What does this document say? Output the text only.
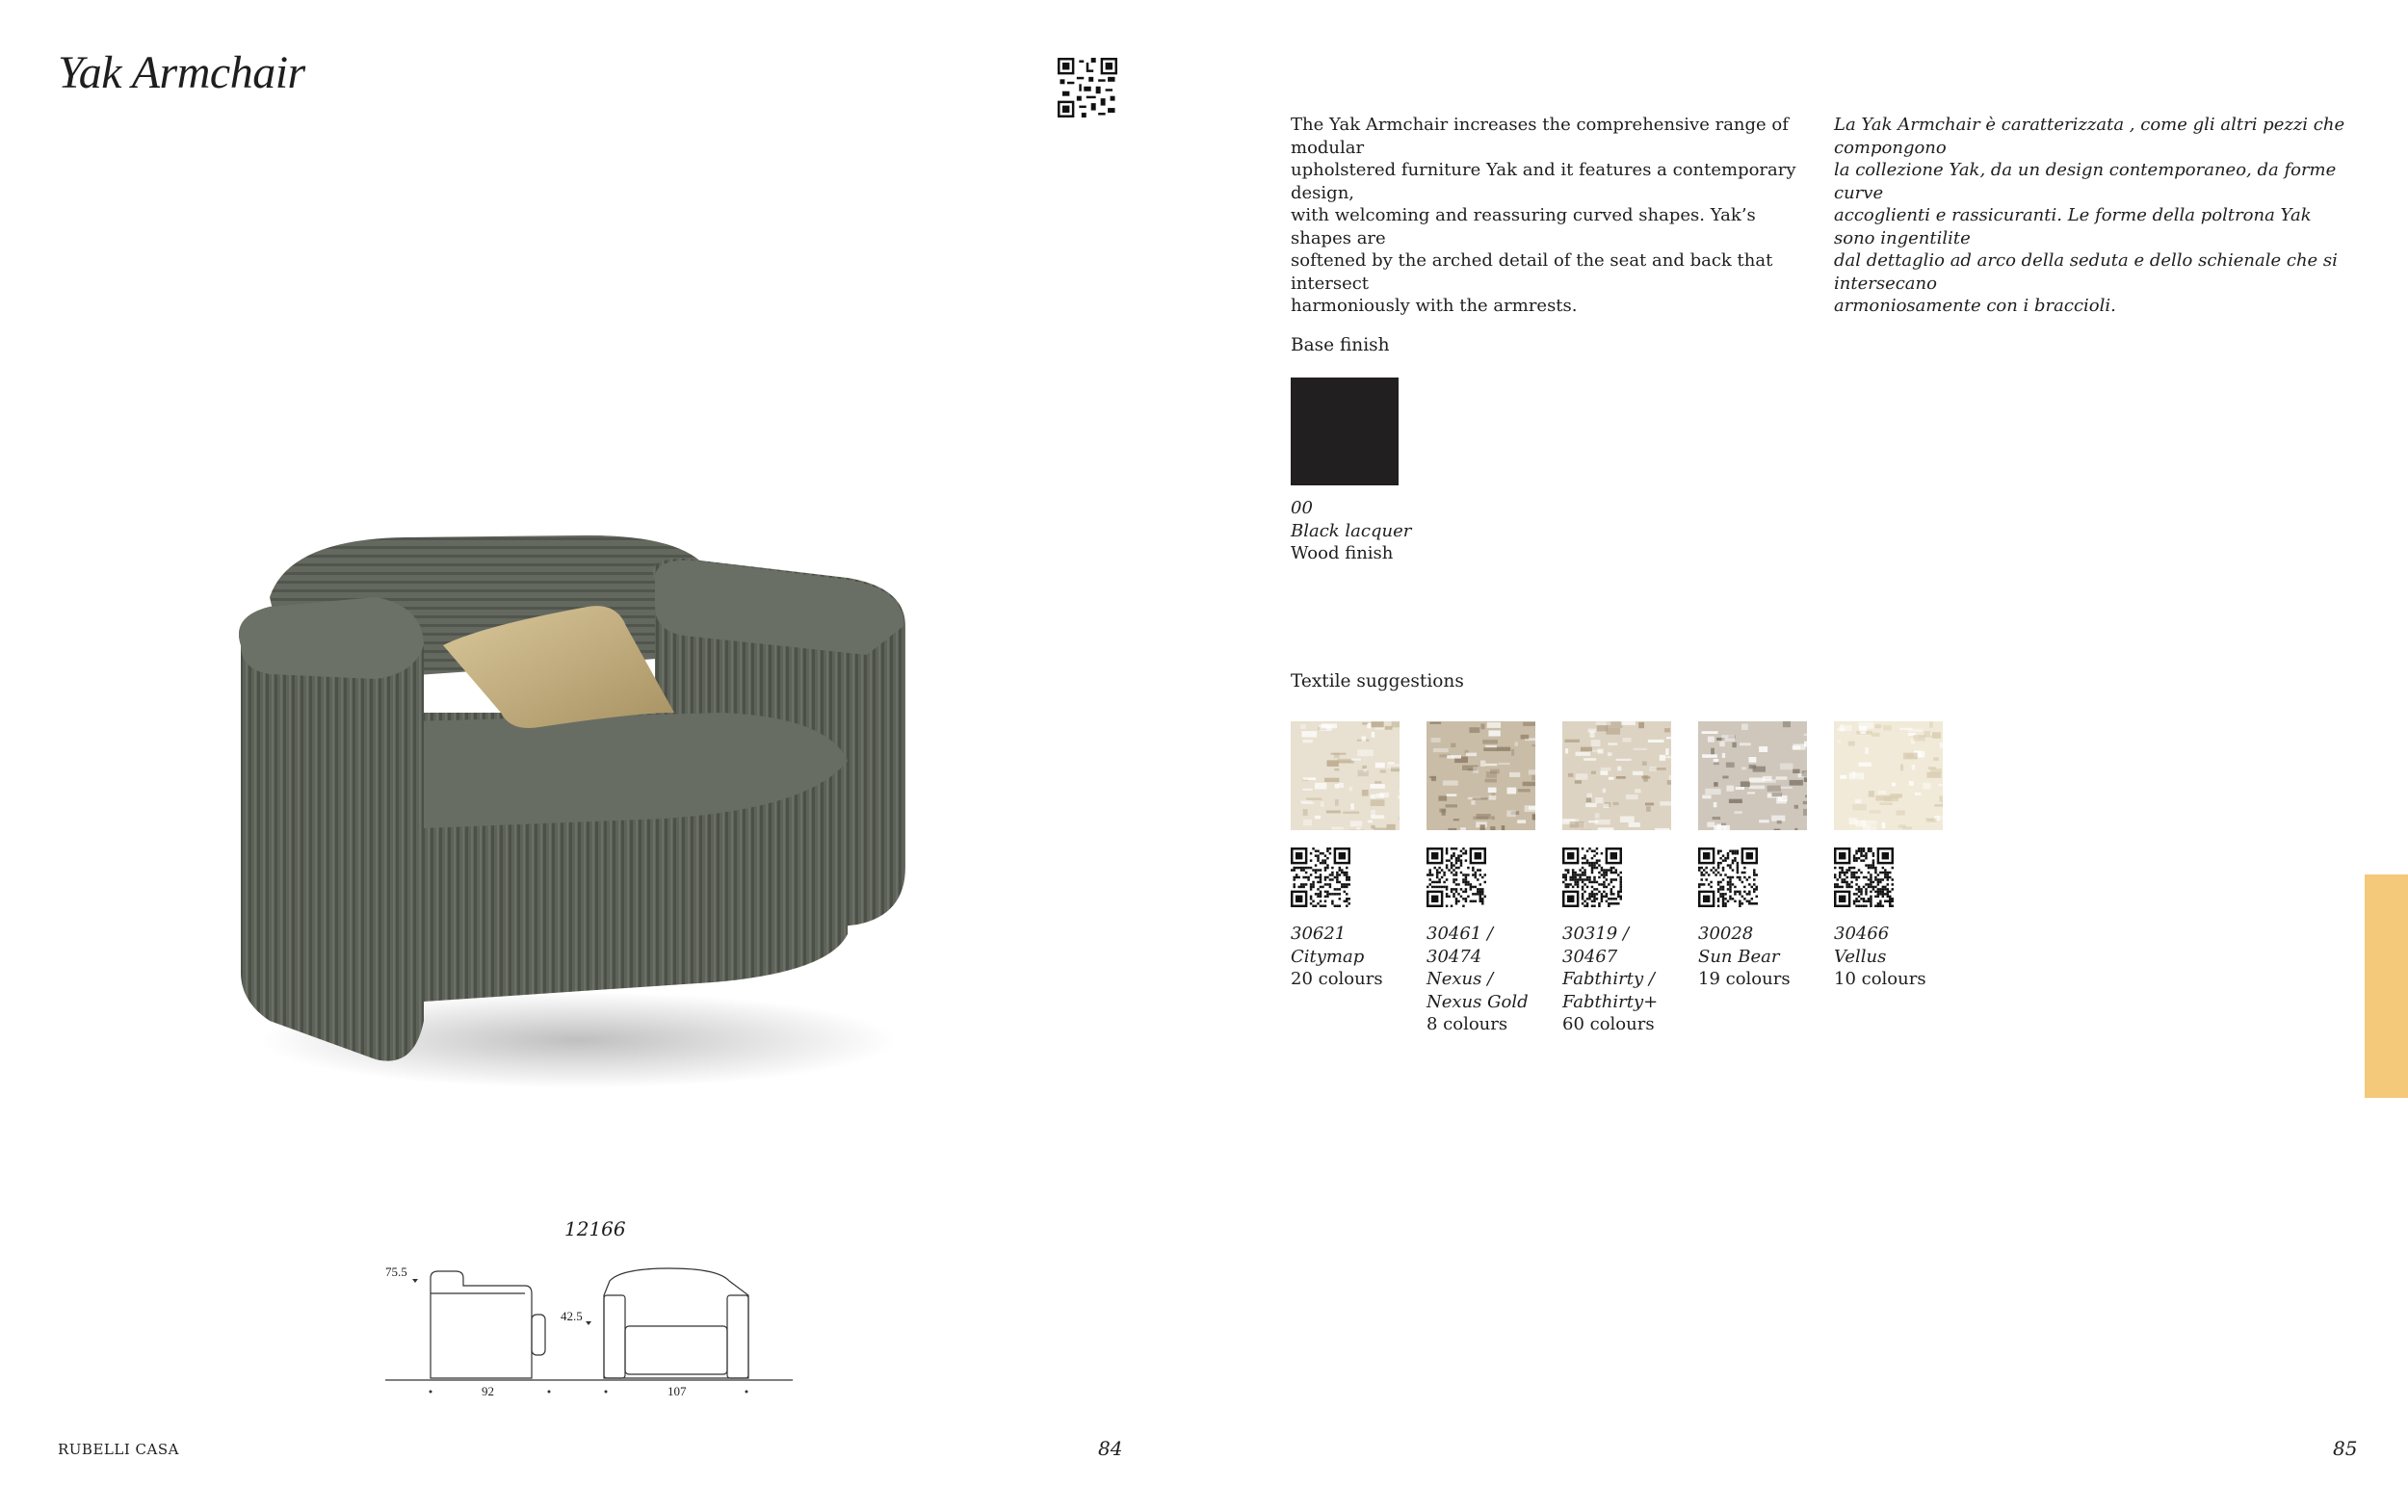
Yak Armchair
The Yak Armchair increases the comprehensive range of modular
upholstered furniture Yak and it features a contemporary design,
with welcoming and reassuring curved shapes. Yak’s shapes are
softened by the arched detail of the seat and back that intersect
harmoniously with the armrests.
La Yak Armchair è caratterizzata , come gli altri pezzi che compongono
la collezione Yak, da un design contemporaneo, da forme curve
accoglienti e rassicuranti. Le forme della poltrona Yak sono ingentilite
dal dettaglio ad arco della seduta e dello schienale che si intersecano
armoniosamente con i braccioli.
Base finish
00
Black lacquer
Wood finish
Textile suggestions
30621
Citymap
20 colours
30461 / 30474
Nexus /
Nexus Gold
8 colours
30319 / 30467
Fabthirty /
Fabthirty+
60 colours
30028
Sun Bear
19 colours
30466
Vellus
10 colours
12166
75.5
42.5
92	107
RUBELLI CASA	84	85
